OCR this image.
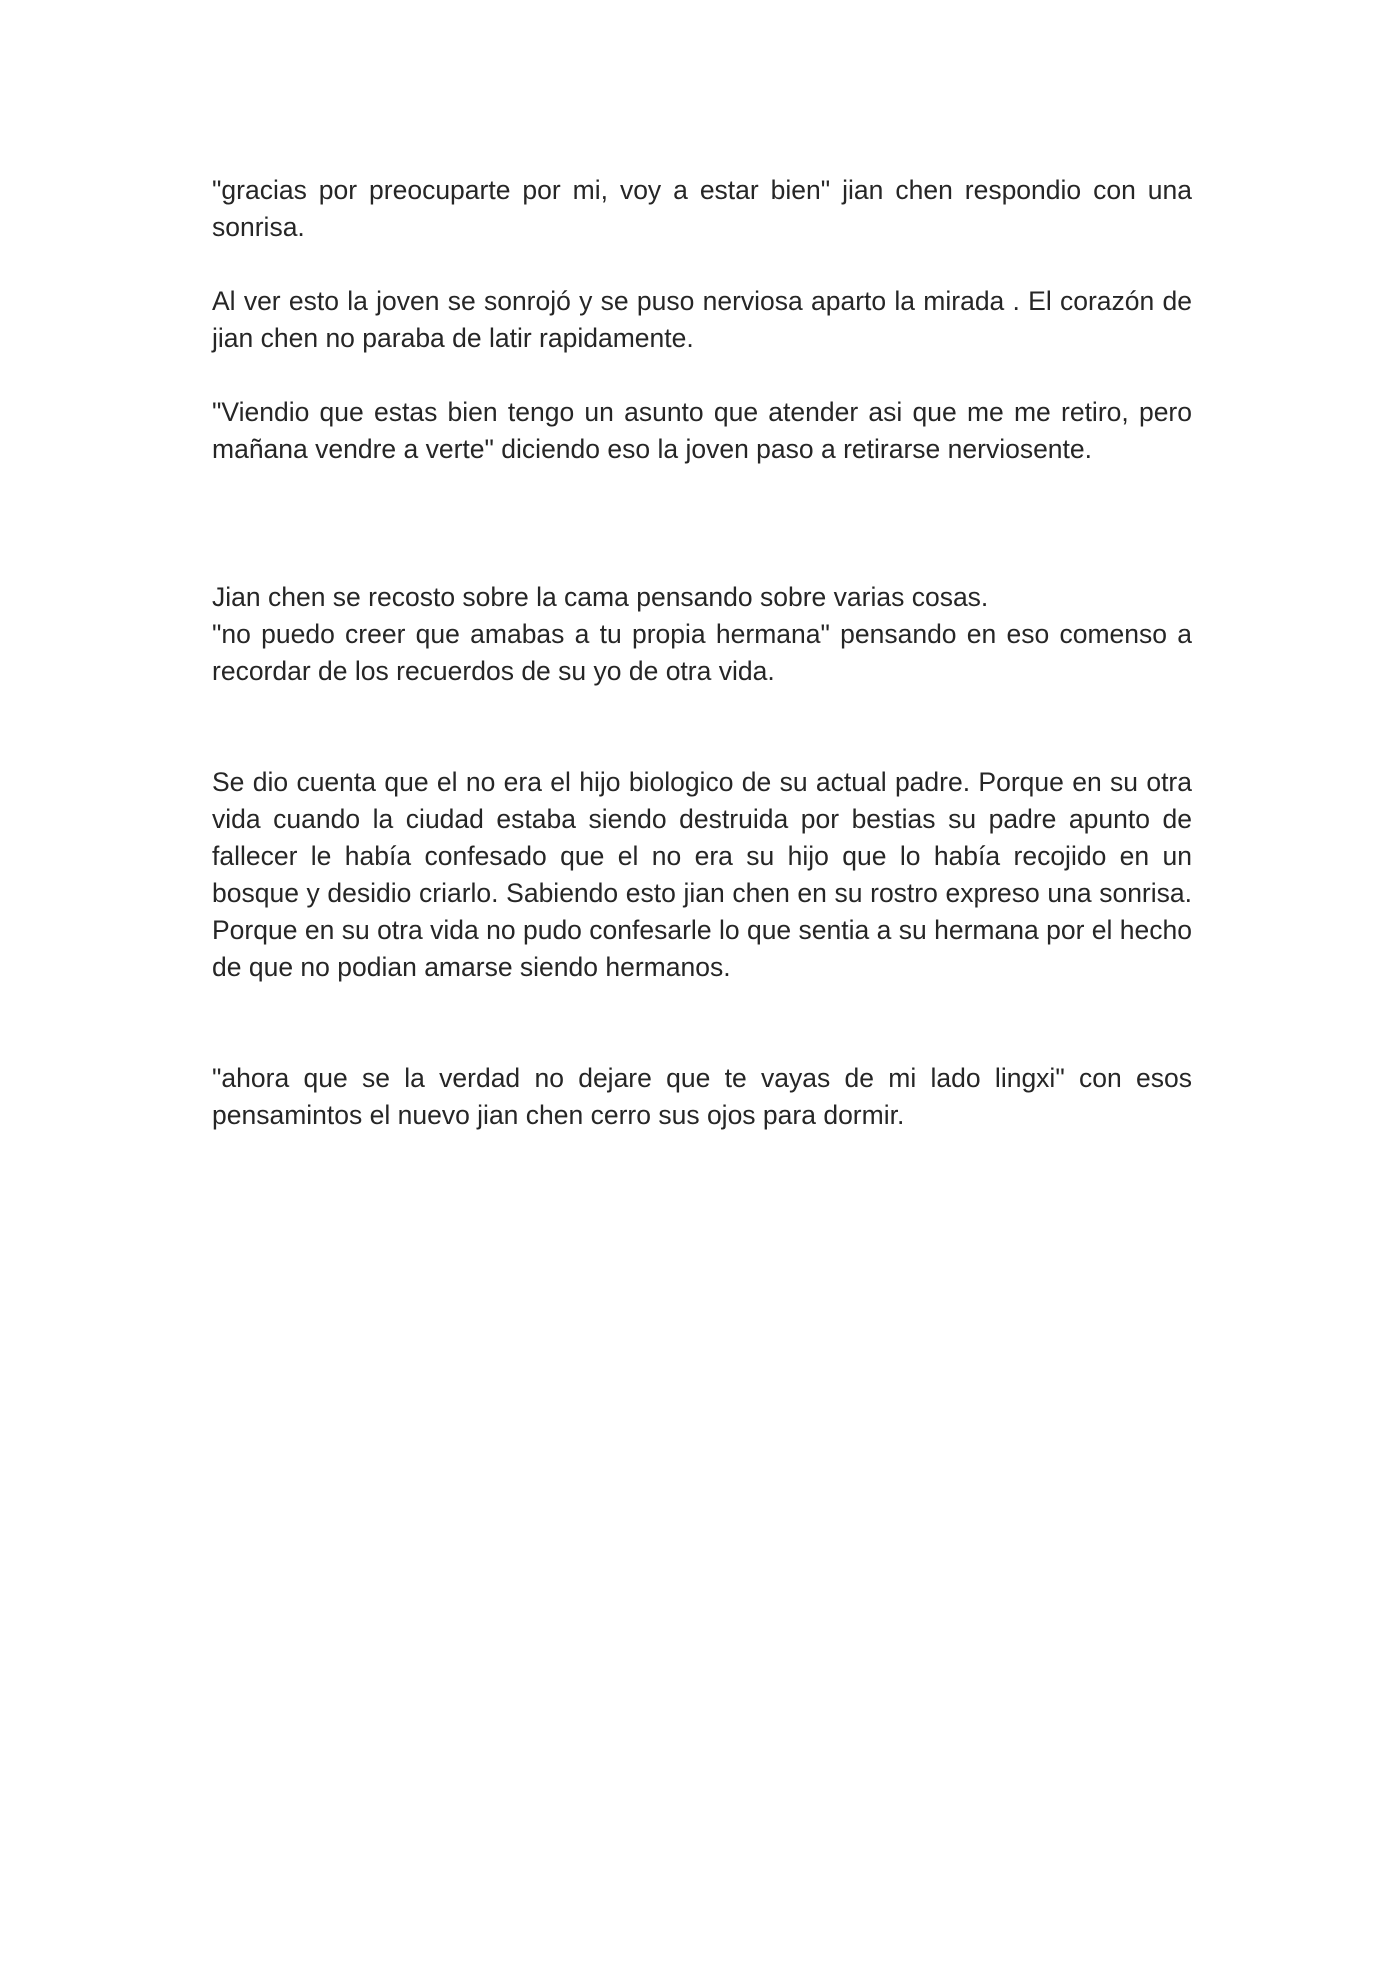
"gracias por preocuparte por mi, voy a estar bien" jian chen respondio con una sonrisa.

Al ver esto la joven se sonrojó y se puso nerviosa aparto la mirada . El corazón de jian chen no paraba de latir rapidamente.

"Viendio que estas bien tengo un asunto que atender asi que me me retiro, pero mañana vendre a verte" diciendo eso la joven paso a retirarse nerviosente.

Jian chen se recosto sobre la cama pensando sobre varias cosas.

"no puedo creer que amabas a tu propia hermana" pensando en eso comenso a recordar de los recuerdos de su yo de otra vida.

Se dio cuenta que el no era el hijo biologico de su actual padre. Porque en su otra vida cuando la ciudad estaba siendo destruida por bestias su padre apunto de fallecer le había confesado que el no era su hijo que lo había recojido en un bosque y desidio criarlo. Sabiendo esto jian chen en su rostro expreso una sonrisa. Porque en su otra vida no pudo confesarle lo que sentia a su hermana por el hecho de que no podian amarse siendo hermanos.

"ahora que se la verdad no dejare que te vayas de mi lado lingxi" con esos pensamintos el nuevo jian chen cerro sus ojos para dormir.
